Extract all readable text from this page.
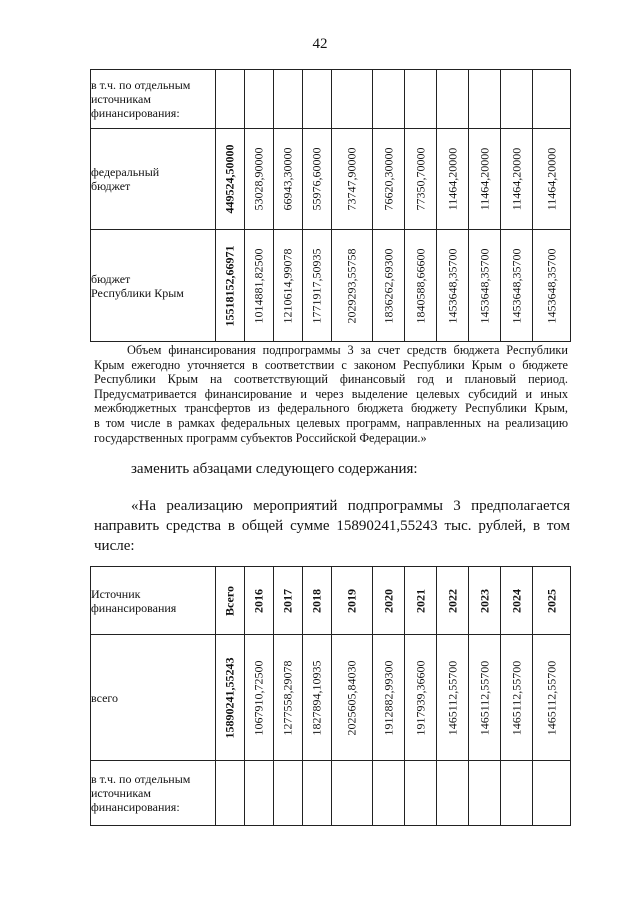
42
в т.ч. по отдельным
источникам
финансирования:											

федеральный
бюджет	449524,50000	53028,90000	66943,30000	55976,60000	73747,90000	76620,30000	77350,70000	11464,20000	11464,20000	11464,20000	11464,20000

бюджет
Республики Крым	15518152,66971	1014881,82500	1210614,99078	1771917,50935	2029293,55758	1836262,69300	1840588,66600	1453648,35700	1453648,35700	1453648,35700	1453648,35700
Объем финансирования подпрограммы 3 за счет средств бюджета Республики
Крым ежегодно уточняется в соответствии с законом Республики Крым о бюджете
Республики Крым на соответствующий финансовый год и плановый период.
Предусматривается финансирование и через выделение целевых субсидий и иных
межбюджетных трансфертов из федерального бюджета бюджету Республики Крым,
в том числе в рамках федеральных целевых программ, направленных на реализацию
государственных программ субъектов Российской Федерации.»
заменить абзацами следующего содержания:
«На реализацию мероприятий подпрограммы 3 предполагается
направить средства в общей сумме 15890241,55243 тыс. рублей, в том
числе:
Источник
финансирования	Всего	2016	2017	2018	2019	2020	2021	2022	2023	2024	2025

всего	15890241,55243	1067910,72500	1277558,29078	1827894,10935	2025605,84030	1912882,99300	1917939,36600	1465112,55700	1465112,55700	1465112,55700	1465112,55700

в т.ч. по отдельным
источникам
финансирования:											
